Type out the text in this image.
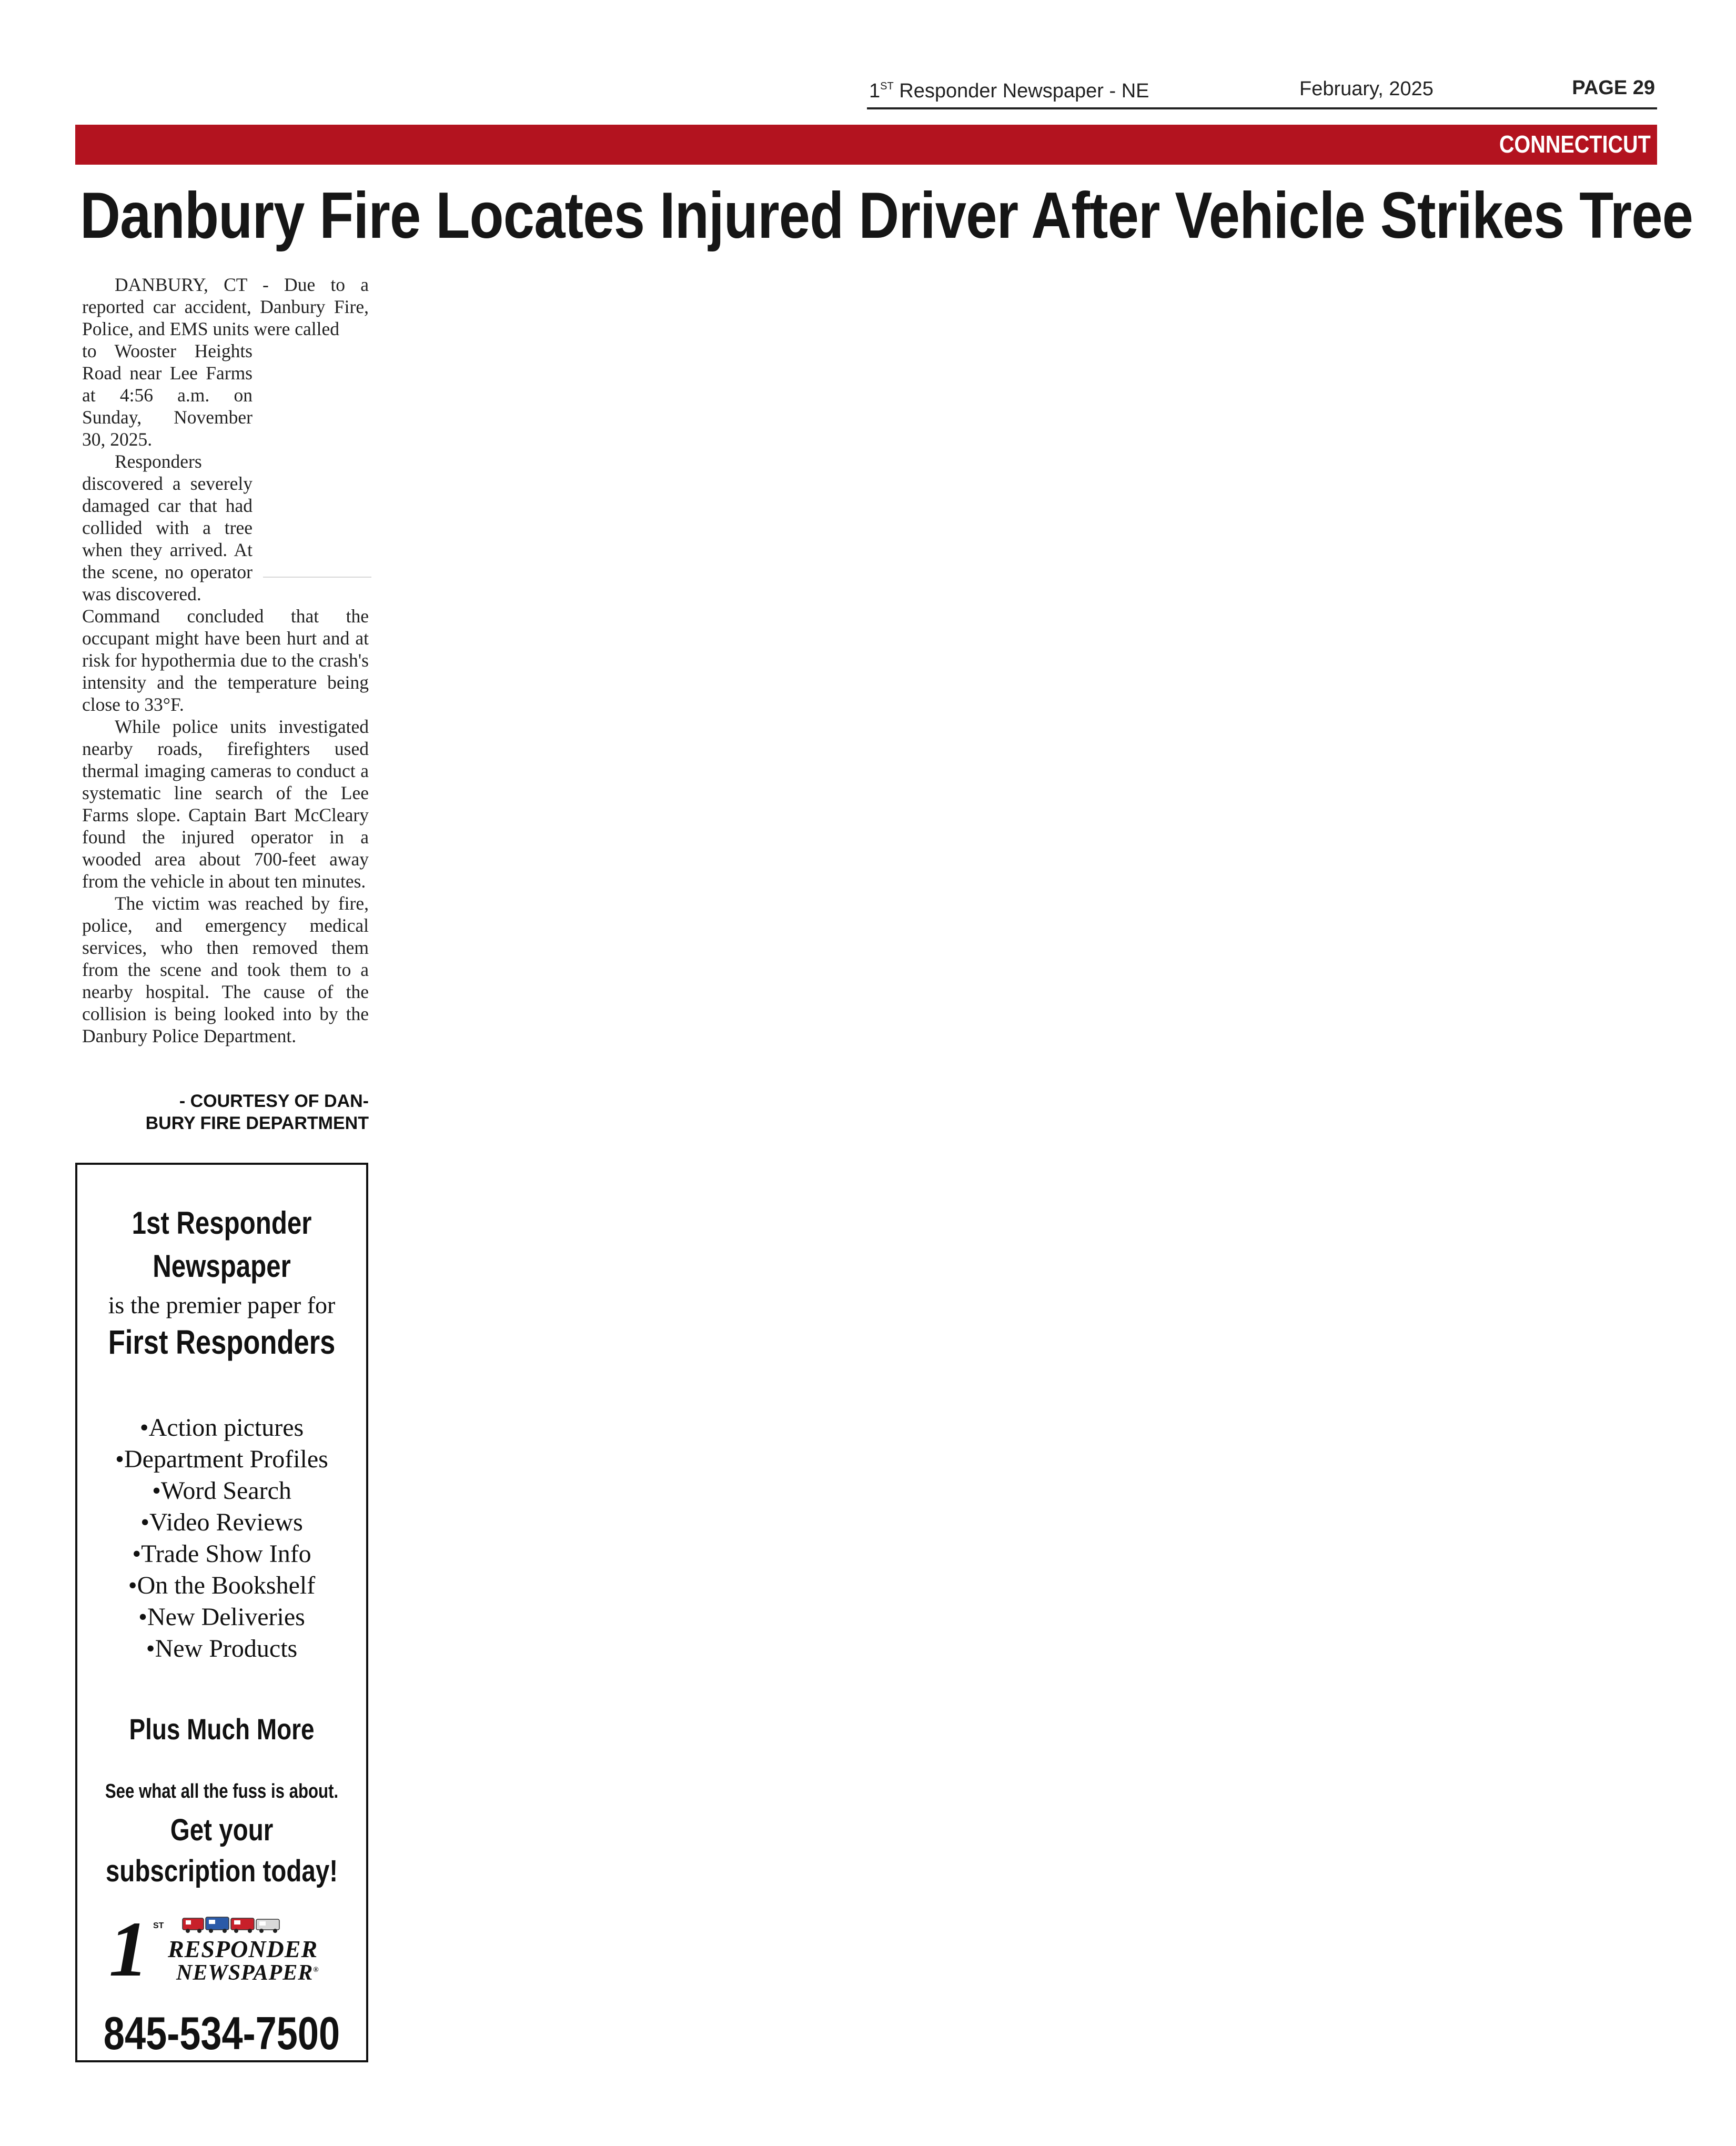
1ST Responder Newspaper - NE	February, 2025	PAGE 29
CONNECTICUT
Danbury Fire Locates Injured Driver After Vehicle Strikes Tree

DANBURY, CT - Due to a reported car accident, Danbury Fire, Police, and EMS units were called

to Wooster Heights Road near Lee Farms at 4:56 a.m. on Sunday, November 30, 2025.

Responders discovered a severely damaged car that had collided with a tree when they arrived. At the scene, no operator was discovered.

Command concluded that the occupant might have been hurt and at risk for hypothermia due to the crash's intensity and the temperature being close to 33°F.

While police units investigated nearby roads, firefighters used thermal imaging cameras to conduct a systematic line search of the Lee Farms slope. Captain Bart McCleary found the injured operator in a wooded area about 700-feet away from the vehicle in about ten minutes.

The victim was reached by fire, police, and emergency medical services, who then removed them from the scene and took them to a nearby hospital. The cause of the collision is being looked into by the Danbury Police Department.

- COURTESY OF DAN-
BURY FIRE DEPARTMENT
1st Responder
Newspaper
is the premier paper for
First Responders
• Action pictures
• Department Profiles
• Word Search
• Video Reviews
• Trade Show Info
• On the Bookshelf
• New Deliveries
• New Products
Plus Much More
See what all the fuss is about.
Get your
subscription today!
1 ST
RESPONDER
NEWSPAPER®
845-534-7500
